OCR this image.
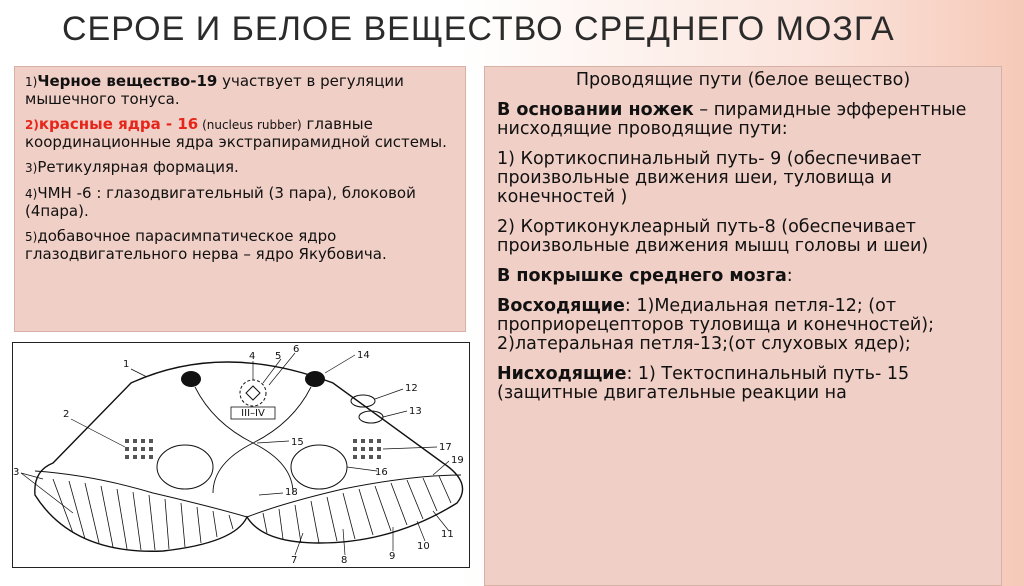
СЕРОЕ И БЕЛОЕ ВЕЩЕСТВО СРЕДНЕГО МОЗГА

1)Черное вещество-19 участвует в регуляции мышечного тонуса.

2)красные ядра - 16 (nucleus rubber) главные координационные ядра экстрапирамидной системы.

3)Ретикулярная формация.

4)ЧМН -6 : глазодвигательный (3 пара), блоковой (4пара).

5)добавочное парасимпатическое ядро глазодвигательного нерва – ядро Якубовича.

Проводящие пути (белое вещество)

В основании ножек – пирамидные эфферентные нисходящие проводящие пути:

1) Кортикоспинальный путь- 9 (обеспечивает произвольные движения шеи, туловища и конечностей )

2) Кортиконуклеарный путь-8 (обеспечивает произвольные движения мышц головы и шеи)

В покрышке среднего мозга:

Восходящие: 1)Медиальная петля-12; (от проприорецепторов туловища и конечностей); 2)латеральная петля-13;(от слуховых ядер);

Нисходящие: 1) Тектоспинальный путь- 15 (защитные двигательные реакции на

III–IV
1
5
4
6
14
12
13
15	17
16
18
19
2
3
7	8	9
10
11
